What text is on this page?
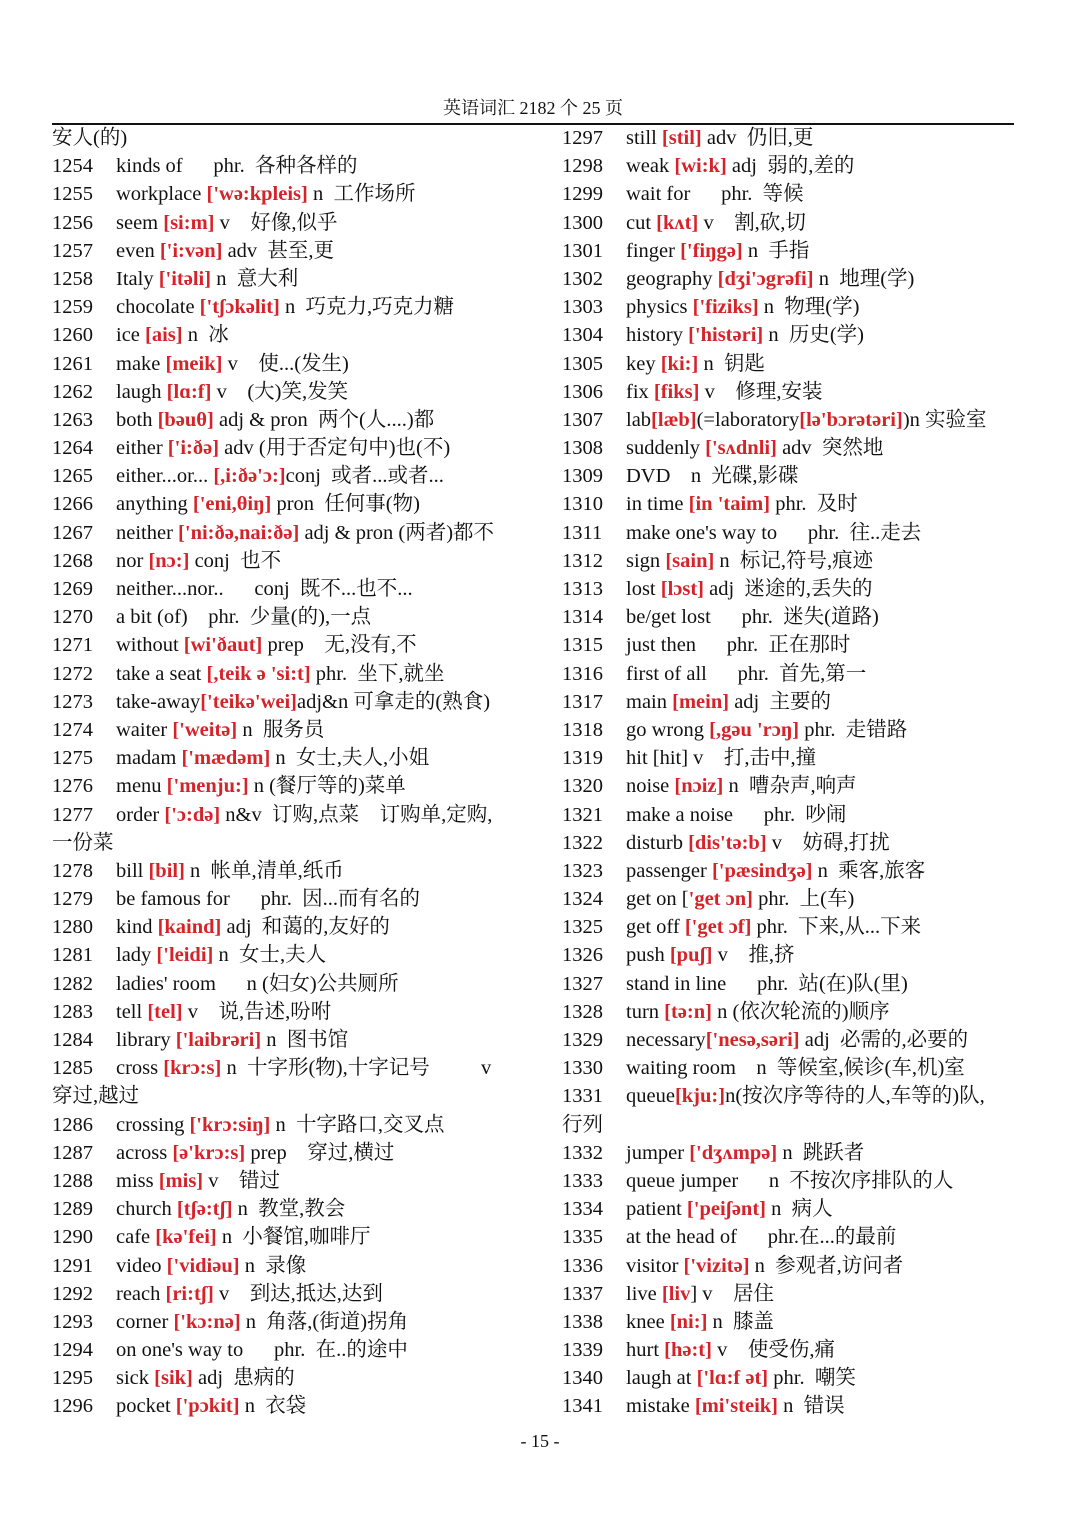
英语词汇 2182 个 25 页
安人(的)
1254 kinds of      phr.  各种各样的
1255 workplace ['wə:kpleis] n  工作场所
1256 seem [si:m] v    好像,似乎
1257 even ['i:vən] adv  甚至,更
1258 Italy ['itəli] n  意大利
1259 chocolate ['tʃɔkəlit] n  巧克力,巧克力糖
1260 ice [ais] n  冰
1261 make [meik] v    使...(发生)
1262 laugh [lɑ:f] v    (大)笑,发笑
1263 both [bəuθ] adj & pron  两个(人....)都
1264 either ['i:ðə] adv (用于否定句中)也(不)
1265 either...or... [,i:ðə'ɔ:]conj  或者...或者...
1266 anything ['eni,θiŋ] pron  任何事(物)
1267 neither ['ni:ðə,nai:ðə] adj & pron (两者)都不
1268 nor [nɔ:] conj  也不
1269 neither...nor..      conj  既不...也不...
1270 a bit (of)    phr.  少量(的),一点
1271 without [wi'ðaut] prep    无,没有,不
1272 take a seat [,teik ə 'si:t] phr.  坐下,就坐
1273 take-away['teikə'wei]adj&n 可拿走的(熟食)
1274 waiter ['weitə] n  服务员
1275 madam ['mædəm] n  女士,夫人,小姐
1276 menu ['menju:] n (餐厅等的)菜单
1277 order ['ɔ:də] n&v  订购,点菜    订购单,定购,
一份菜
1278 bill [bil] n  帐单,清单,纸币
1279 be famous for      phr.  因...而有名的
1280 kind [kaind] adj  和蔼的,友好的
1281 lady ['leidi] n  女士,夫人
1282 ladies' room      n (妇女)公共厕所
1283 tell [tel] v    说,告述,吩咐
1284 library ['laibrəri] n  图书馆
1285 cross [krɔ:s] n  十字形(物),十字记号          v
穿过,越过
1286 crossing ['krɔ:siŋ] n  十字路口,交叉点
1287 across [ə'krɔ:s] prep    穿过,横过
1288 miss [mis] v    错过
1289 church [tʃə:tʃ] n  教堂,教会
1290 cafe [kə'fei] n  小餐馆,咖啡厅
1291 video ['vidiəu] n  录像
1292 reach [ri:tʃ] v    到达,抵达,达到
1293 corner ['kɔ:nə] n  角落,(街道)拐角
1294 on one's way to      phr.  在..的途中
1295 sick [sik] adj  患病的
1296 pocket ['pɔkit] n  衣袋
1297 still [stil] adv  仍旧,更
1298 weak [wi:k] adj  弱的,差的
1299 wait for      phr.  等候
1300 cut [kʌt] v    割,砍,切
1301 finger ['fiŋgə] n  手指
1302 geography [dʒi'ɔgrəfi] n  地理(学)
1303 physics ['fiziks] n  物理(学)
1304 history ['histəri] n  历史(学)
1305 key [ki:] n  钥匙
1306 fix [fiks] v    修理,安装
1307 lab[læb](=laboratory[lə'bɔrətəri])n 实验室
1308 suddenly ['sʌdnli] adv  突然地
1309 DVD    n  光碟,影碟
1310 in time [in 'taim] phr.  及时
1311 make one's way to      phr.  往..走去
1312 sign [sain] n  标记,符号,痕迹
1313 lost [lɔst] adj  迷途的,丢失的
1314 be/get lost      phr.  迷失(道路)
1315 just then      phr.  正在那时
1316 first of all      phr.  首先,第一
1317 main [mein] adj  主要的
1318 go wrong [,gəu 'rɔŋ] phr.  走错路
1319 hit [hit] v    打,击中,撞
1320 noise [nɔiz] n  嘈杂声,响声
1321 make a noise      phr.  吵闹
1322 disturb [dis'tə:b] v    妨碍,打扰
1323 passenger ['pæsindʒə] n  乘客,旅客
1324 get on ['get ɔn] phr.  上(车)
1325 get off ['get ɔf] phr.  下来,从...下来
1326 push [puʃ] v    推,挤
1327 stand in line      phr.  站(在)队(里)
1328 turn [tə:n] n (依次轮流的)顺序
1329 necessary['nesə,səri] adj  必需的,必要的
1330 waiting room    n  等候室,候诊(车,机)室
1331 queue[kju:]n(按次序等待的人,车等的)队,
行列
1332 jumper ['dʒʌmpə] n  跳跃者
1333 queue jumper      n  不按次序排队的人
1334 patient ['peiʃənt] n  病人
1335 at the head of      phr.在...的最前
1336 visitor ['vizitə] n  参观者,访问者
1337 live [liv] v    居住
1338 knee [ni:] n  膝盖
1339 hurt [hə:t] v    使受伤,痛
1340 laugh at ['lɑ:f ət] phr.  嘲笑
1341 mistake [mi'steik] n  错误
- 15 -
